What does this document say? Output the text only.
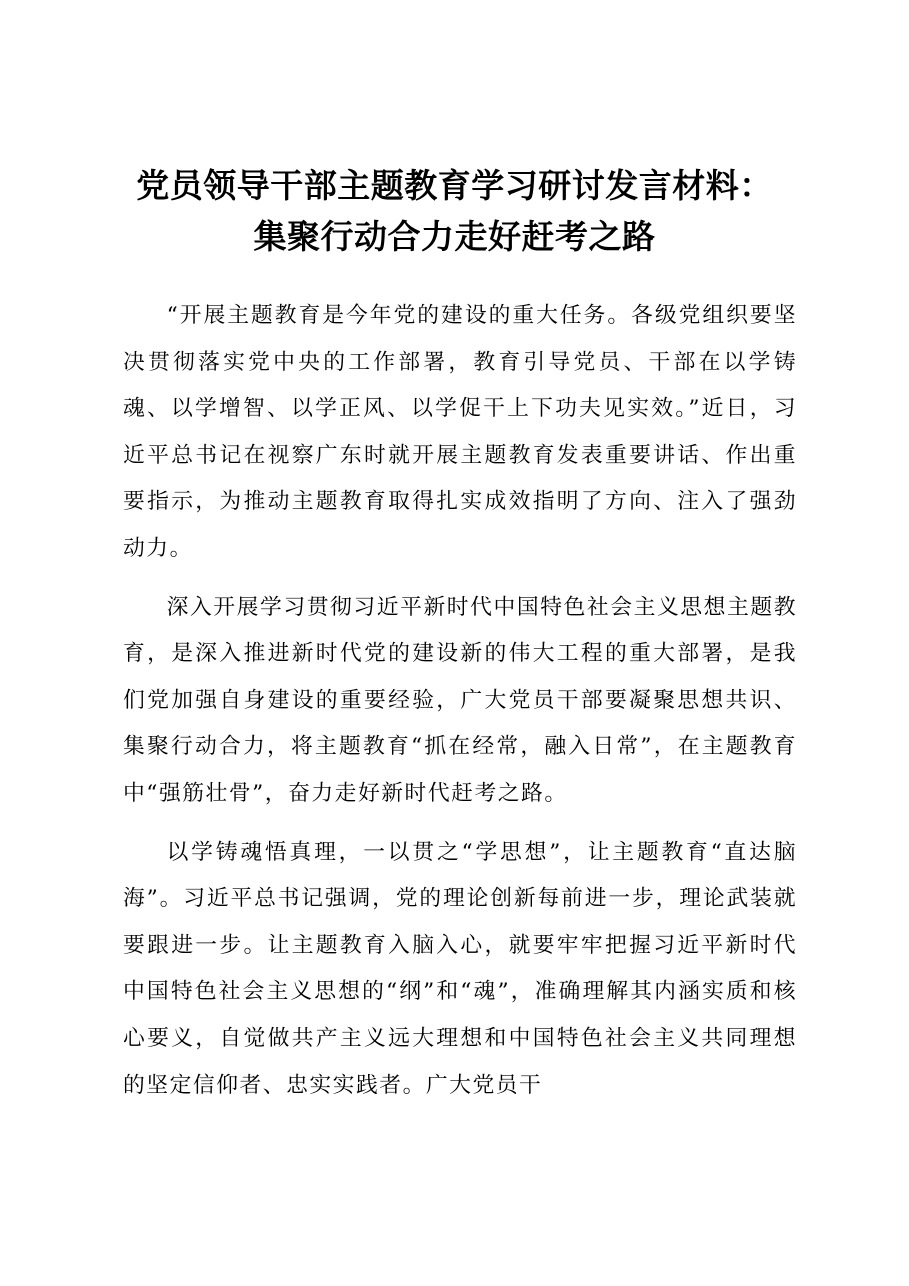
党员领导干部主题教育学习研讨发言材料：
集聚行动合力走好赶考之路

“开展主题教育是今年党的建设的重大任务。各级党组织要坚决贯彻落实党中央的工作部署，教育引导党员、干部在以学铸魂、以学增智、以学正风、以学促干上下功夫见实效。”近日，习近平总书记在视察广东时就开展主题教育发表重要讲话、作出重要指示，为推动主题教育取得扎实成效指明了方向、注入了强劲动力。

深入开展学习贯彻习近平新时代中国特色社会主义思想主题教育，是深入推进新时代党的建设新的伟大工程的重大部署，是我们党加强自身建设的重要经验，广大党员干部要凝聚思想共识、集聚行动合力，将主题教育“抓在经常，融入日常”，在主题教育中“强筋壮骨”，奋力走好新时代赶考之路。

以学铸魂悟真理，一以贯之“学思想”，让主题教育“直达脑海”。习近平总书记强调，党的理论创新每前进一步，理论武装就要跟进一步。让主题教育入脑入心，就要牢牢把握习近平新时代中国特色社会主义思想的“纲”和“魂”，准确理解其内涵实质和核心要义，自觉做共产主义远大理想和中国特色社会主义共同理想的坚定信仰者、忠实实践者。广大党员干
